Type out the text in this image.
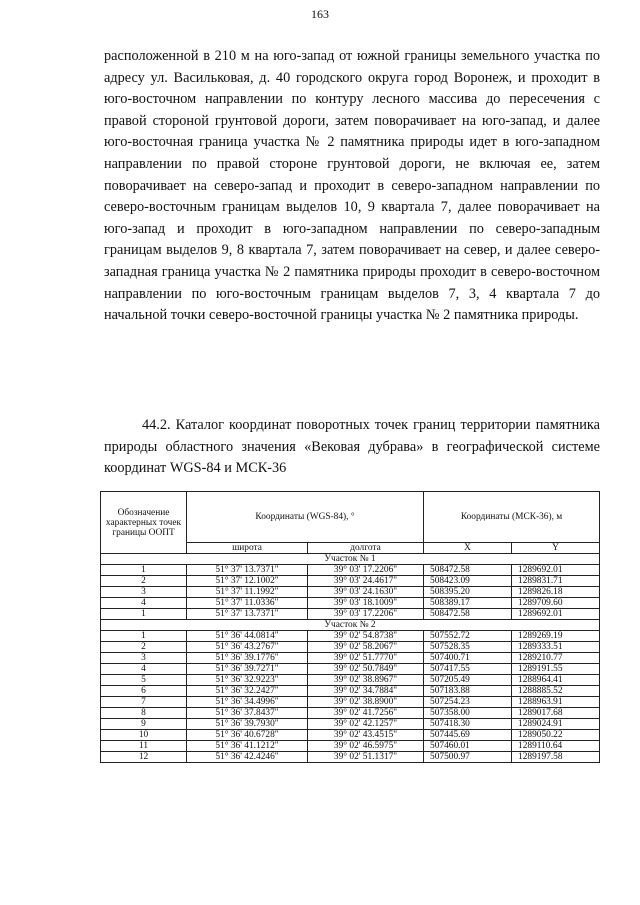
163

расположенной в 210 м на юго-запад от южной границы земельного участка по адресу ул. Васильковая, д. 40 городского округа город Воронеж, и проходит в юго-восточном направлении по контуру лесного массива до пересечения с правой стороной грунтовой дороги, затем поворачивает на юго-запад, и далее юго-восточная граница участка № 2 памятника природы идет в юго-западном направлении по правой стороне грунтовой дороги, не включая ее, затем поворачивает на северо-запад и проходит в северо-западном направлении по северо-восточным границам выделов 10, 9 квартала 7, далее поворачивает на юго-запад и проходит в юго-западном направлении по северо-западным границам выделов 9, 8 квартала 7, затем поворачивает на север, и далее северо-западная граница участка № 2 памятника природы проходит в северо-восточном направлении по юго-восточным границам выделов 7, 3, 4 квартала 7 до начальной точки северо-восточной границы участка № 2 памятника природы.

44.2. Каталог координат поворотных точек границ территории памятника природы областного значения «Вековая дубрава» в географической системе координат WGS-84 и МСК-36

Обозначение характерных точек границы ООПТ	Координаты (WGS-84), °		Координаты (МСК-36), м	
	широта	долгота	X	Y
Участок № 1				
1	51° 37' 13.7371"	39° 03' 17.2206"	508472.58	1289692.01
2	51° 37' 12.1002"	39° 03' 24.4617"	508423.09	1289831.71
3	51° 37' 11.1992"	39° 03' 24.1630"	508395.20	1289826.18
4	51° 37' 11.0336"	39° 03' 18.1009"	508389.17	1289709.60
1	51° 37' 13.7371"	39° 03' 17.2206"	508472.58	1289692.01
Участок № 2				
1	51° 36' 44.0814"	39° 02' 54.8738"	507552.72	1289269.19
2	51° 36' 43.2767"	39° 02' 58.2067"	507528.35	1289333.51
3	51° 36' 39.1776"	39° 02' 51.7770"	507400.71	1289210.77
4	51° 36' 39.7271"	39° 02' 50.7849"	507417.55	1289191.55
5	51° 36' 32.9223"	39° 02' 38.8967"	507205.49	1288964.41
6	51° 36' 32.2427"	39° 02' 34.7884"	507183.88	1288885.52
7	51° 36' 34.4996"	39° 02' 38.8900"	507254.23	1288963.91
8	51° 36' 37.8437"	39° 02' 41.7256"	507358.00	1289017.68
9	51° 36' 39.7930"	39° 02' 42.1257"	507418.30	1289024.91
10	51° 36' 40.6728"	39° 02' 43.4515"	507445.69	1289050.22
11	51° 36' 41.1212"	39° 02' 46.5975"	507460.01	1289110.64
12	51° 36' 42.4246"	39° 02' 51.1317"	507500.97	1289197.58
